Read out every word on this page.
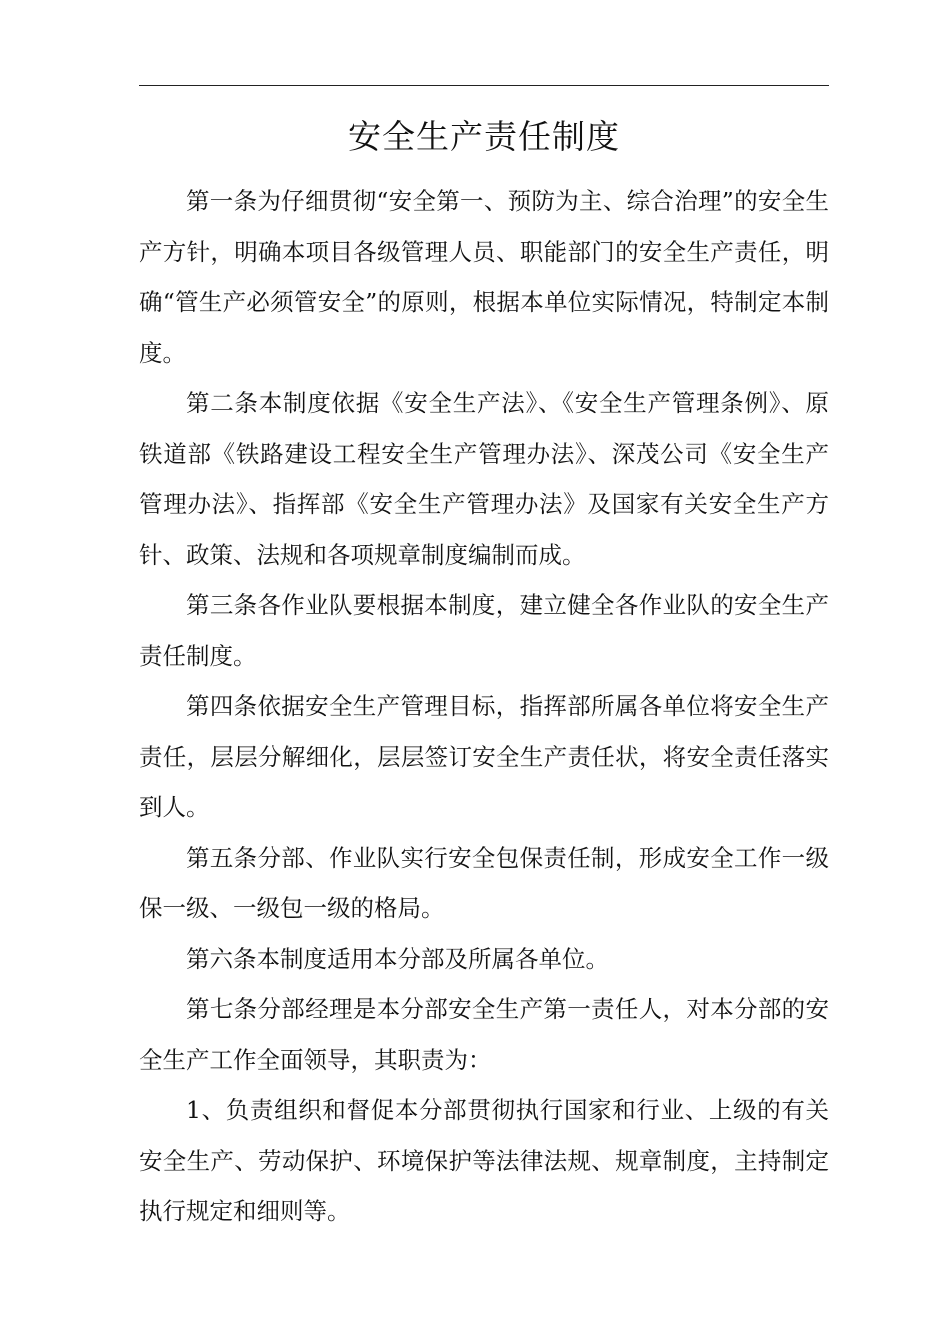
安全生产责任制度

第一条为仔细贯彻“安全第一、预防为主、综合治理”的安全生产方针，明确本项目各级管理人员、职能部门的安全生产责任，明确“管生产必须管安全”的原则，根据本单位实际情况，特制定本制度。

第二条本制度依据《安全生产法》、《安全生产管理条例》、原铁道部《铁路建设工程安全生产管理办法》、深茂公司《安全生产管理办法》、指挥部《安全生产管理办法》及国家有关安全生产方针、政策、法规和各项规章制度编制而成。

第三条各作业队要根据本制度，建立健全各作业队的安全生产责任制度。

第四条依据安全生产管理目标，指挥部所属各单位将安全生产责任，层层分解细化，层层签订安全生产责任状，将安全责任落实到人。

第五条分部、作业队实行安全包保责任制，形成安全工作一级保一级、一级包一级的格局。

第六条本制度适用本分部及所属各单位。

第七条分部经理是本分部安全生产第一责任人，对本分部的安全生产工作全面领导，其职责为：

1、负责组织和督促本分部贯彻执行国家和行业、上级的有关安全生产、劳动保护、环境保护等法律法规、规章制度，主持制定执行规定和细则等。
